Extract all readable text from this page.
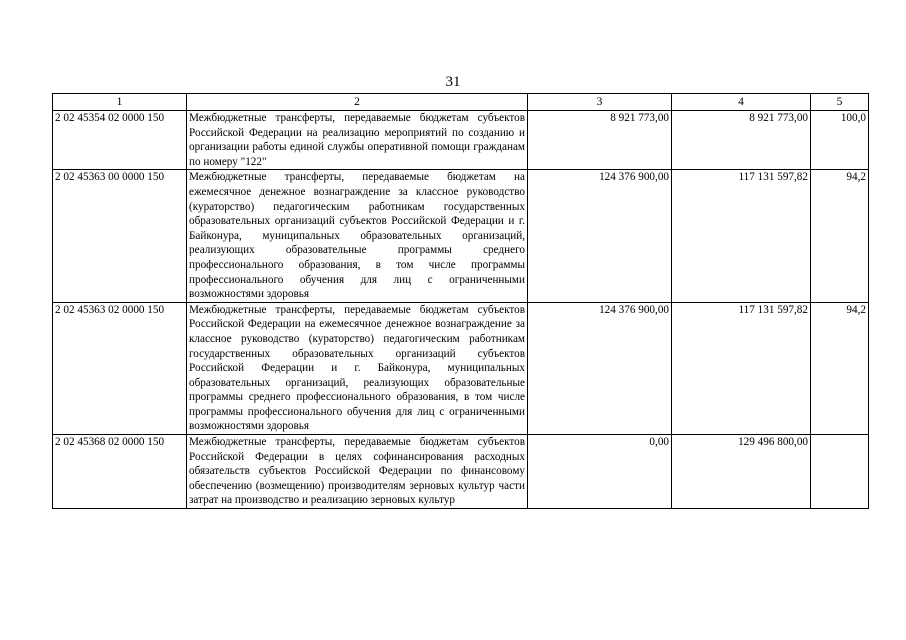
31
1	2	3	4	5
2 02 45354 02 0000 150	Межбюджетные трансферты, передаваемые бюджетам субъектов Российской Федерации на реализацию мероприятий по созданию и организации работы единой службы оперативной помощи гражданам по номеру "122"	8 921 773,00	8 921 773,00	100,0
2 02 45363 00 0000 150	Межбюджетные трансферты, передаваемые бюджетам на ежемесячное денежное вознаграждение за классное руководство (кураторство) педагогическим работникам государственных образовательных организаций субъектов Российской Федерации и г. Байконура, муниципальных образовательных организаций, реализующих образовательные программы среднего профессионального образования, в том числе программы профессионального обучения для лиц с ограниченными возможностями здоровья	124 376 900,00	117 131 597,82	94,2
2 02 45363 02 0000 150	Межбюджетные трансферты, передаваемые бюджетам субъектов Российской Федерации на ежемесячное денежное вознаграждение за классное руководство (кураторство) педагогическим работникам государственных образовательных организаций субъектов Российской Федерации и г. Байконура, муниципальных образовательных организаций, реализующих образовательные программы среднего профессионального образования, в том числе программы профессионального обучения для лиц с ограниченными возможностями здоровья	124 376 900,00	117 131 597,82	94,2
2 02 45368 02 0000 150	Межбюджетные трансферты, передаваемые бюджетам субъектов Российской Федерации в целях софинансирования расходных обязательств субъектов Российской Федерации по финансовому обеспечению (возмещению) производителям зерновых культур части затрат на производство и реализацию зерновых культур	0,00	129 496 800,00	
